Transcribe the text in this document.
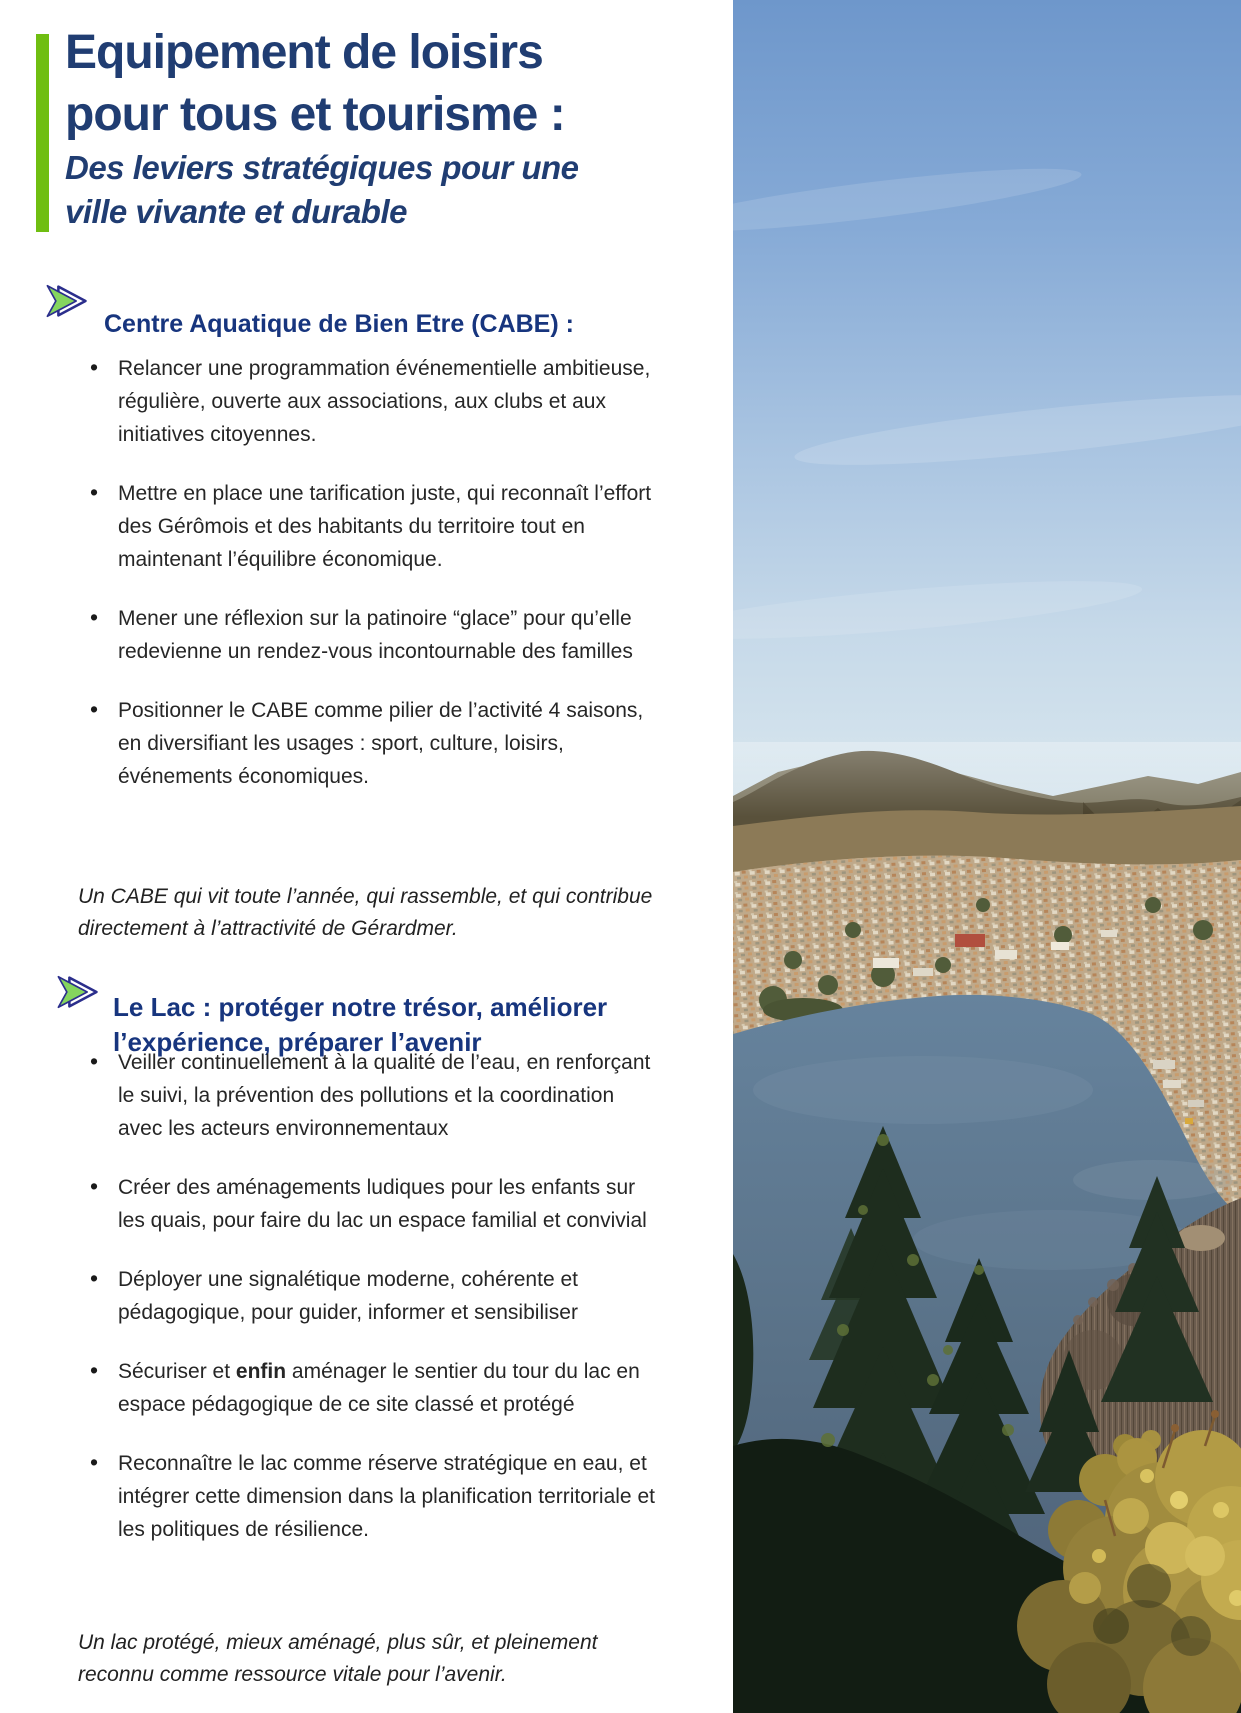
Equipement de loisirs
pour tous et tourisme :
Des leviers stratégiques pour une
ville vivante et durable
Centre Aquatique de Bien Etre (CABE) :
• Relancer une programmation événementielle ambitieuse, régulière, ouverte aux associations, aux clubs et aux initiatives citoyennes.
• Mettre en place une tarification juste, qui reconnaît l’effort des Gérômois et des habitants du territoire tout en maintenant l’équilibre économique.
• Mener une réflexion sur la patinoire “glace” pour qu’elle redevienne un rendez-vous incontournable des familles
• Positionner le CABE comme pilier de l’activité 4 saisons, en diversifiant les usages : sport, culture, loisirs, événements économiques.

Un CABE qui vit toute l’année, qui rassemble, et qui contribue directement à l’attractivité de Gérardmer.

Le Lac : protéger notre trésor, améliorer
l’expérience, préparer l’avenir
• Veiller continuellement à la qualité de l’eau, en renforçant le suivi, la prévention des pollutions et la coordination avec les acteurs environnementaux
• Créer des aménagements ludiques pour les enfants sur les quais, pour faire du lac un espace familial et convivial
• Déployer une signalétique moderne, cohérente et pédagogique, pour guider, informer et sensibiliser
• Sécuriser et enfin aménager le sentier du tour du lac en espace pédagogique de ce site classé et protégé
• Reconnaître le lac comme réserve stratégique en eau, et intégrer cette dimension dans la planification territoriale et les politiques de résilience.

Un lac protégé, mieux aménagé, plus sûr, et pleinement reconnu comme ressource vitale pour l’avenir.
